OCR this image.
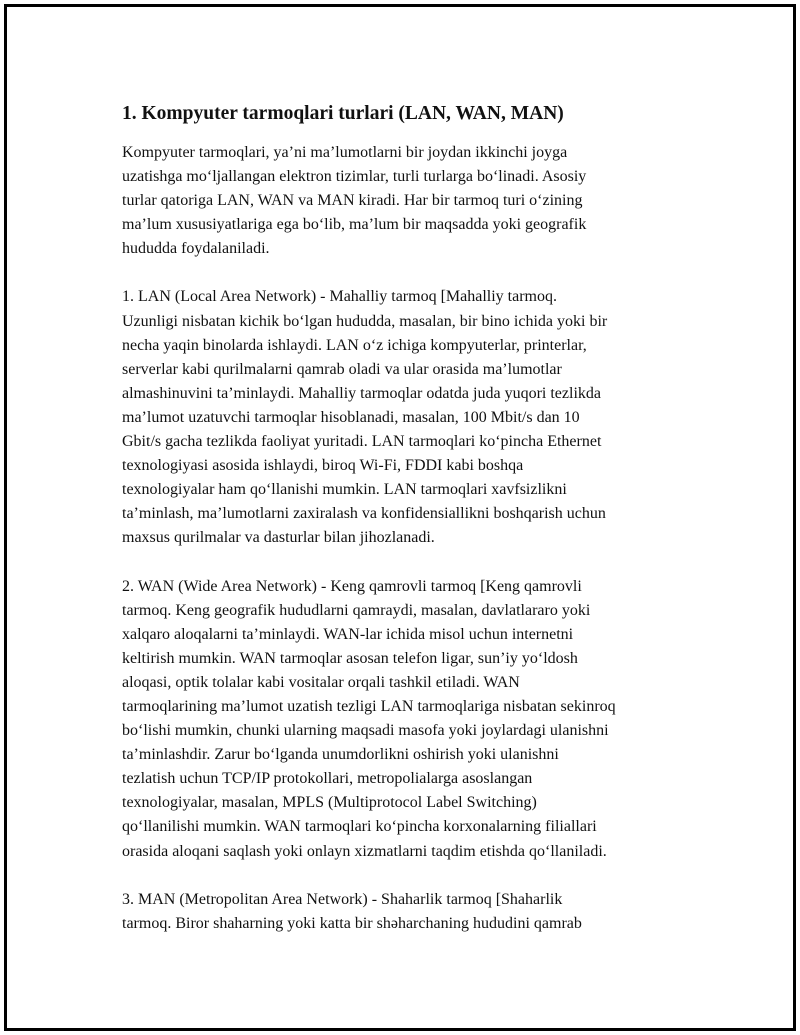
1. Kompyuter tarmoqlari turlari (LAN, WAN, MAN)

Kompyuter tarmoqlari, ya’ni ma’lumotlarni bir joydan ikkinchi joyga
uzatishga mo‘ljallangan elektron tizimlar, turli turlarga bo‘linadi. Asosiy
turlar qatoriga LAN, WAN va MAN kiradi. Har bir tarmoq turi o‘zining
ma’lum xususiyatlariga ega bo‘lib, ma’lum bir maqsadda yoki geografik
hududda foydalaniladi.

1. LAN (Local Area Network) - Mahalliy tarmoq [Mahalliy tarmoq.
Uzunligi nisbatan kichik bo‘lgan hududda, masalan, bir bino ichida yoki bir
necha yaqin binolarda ishlaydi. LAN o‘z ichiga kompyuterlar, printerlar,
serverlar kabi qurilmalarni qamrab oladi va ular orasida ma’lumotlar
almashinuvini ta’minlaydi. Mahalliy tarmoqlar odatda juda yuqori tezlikda
ma’lumot uzatuvchi tarmoqlar hisoblanadi, masalan, 100 Mbit/s dan 10
Gbit/s gacha tezlikda faoliyat yuritadi. LAN tarmoqlari ko‘pincha Ethernet
texnologiyasi asosida ishlaydi, biroq Wi-Fi, FDDI kabi boshqa
texnologiyalar ham qo‘llanishi mumkin. LAN tarmoqlari xavfsizlikni
ta’minlash, ma’lumotlarni zaxiralash va konfidensiallikni boshqarish uchun
maxsus qurilmalar va dasturlar bilan jihozlanadi.

2. WAN (Wide Area Network) - Keng qamrovli tarmoq [Keng qamrovli
tarmoq. Keng geografik hududlarni qamraydi, masalan, davlatlararo yoki
xalqaro aloqalarni ta’minlaydi. WAN-lar ichida misol uchun internetni
keltirish mumkin. WAN tarmoqlar asosan telefon ligar, sun’iy yo‘ldosh
aloqasi, optik tolalar kabi vositalar orqali tashkil etiladi. WAN
tarmoqlarining ma’lumot uzatish tezligi LAN tarmoqlariga nisbatan sekinroq
bo‘lishi mumkin, chunki ularning maqsadi masofa yoki joylardagi ulanishni
ta’minlashdir. Zarur bo‘lganda unumdorlikni oshirish yoki ulanishni
tezlatish uchun TCP/IP protokollari, metropolialarga asoslangan
texnologiyalar, masalan, MPLS (Multiprotocol Label Switching)
qo‘llanilishi mumkin. WAN tarmoqlari ko‘pincha korxonalarning filiallari
orasida aloqani saqlash yoki onlayn xizmatlarni taqdim etishda qo‘llaniladi.

3. MAN (Metropolitan Area Network) - Shaharlik tarmoq [Shaharlik
tarmoq. Biror shaharning yoki katta bir shəharchaning hududini qamrab
